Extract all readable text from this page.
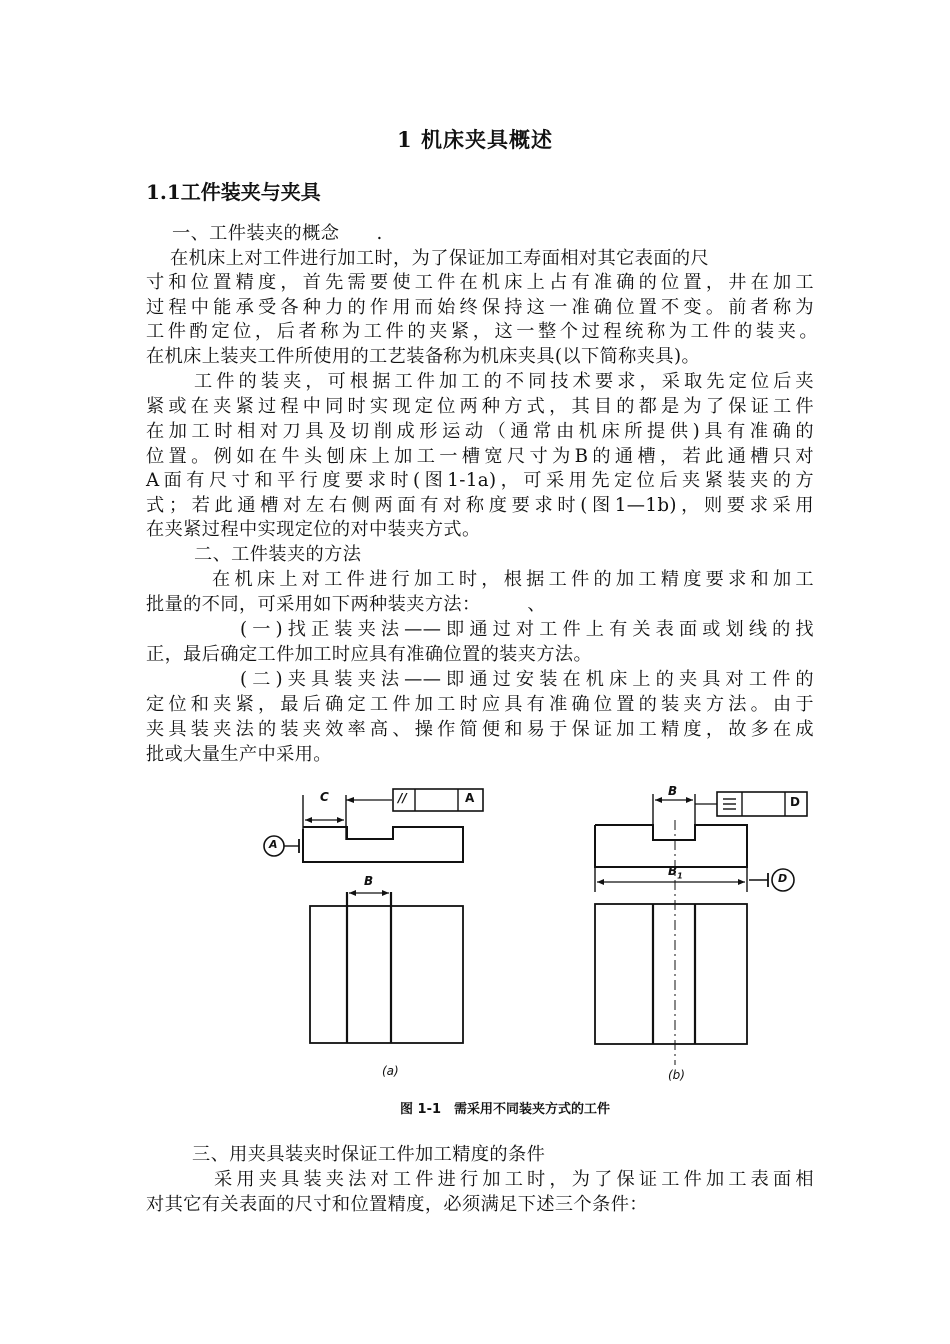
1 机床夹具概述
1.1工件装夹与夹具
一、工件装夹的概念　　.
在机床上对工件进行加工时，为了保证加工寿面相对其它表面的尺
寸和位置精度，首先需要使工件在机床上占有准确的位置，井在加工
过程中能承受各种力的作用而始终保持这一准确位置不变。前者称为
工件酌定位，后者称为工件的夹紧，这一整个过程统称为工件的装夹。
在机床上装夹工件所使用的工艺装备称为机床夹具(以下简称夹具)。
工件的装夹，可根据工件加工的不同技术要求，采取先定位后夹
紧或在夹紧过程中同时实现定位两种方式，其目的都是为了保证工件
在加工时相对刀具及切削成形运动（通常由机床所提供)具有准确的
位置。例如在牛头刨床上加工一槽宽尺寸为B的通槽，若此通槽只对
A面有尺寸和平行度要求时(图1-1a)，可采用先定位后夹紧装夹的方
式；若此通槽对左右侧两面有对称度要求时(图1—1b)，则要求采用
在夹紧过程中实现定位的对中装夹方式。
二、工件装夹的方法
在机床上对工件进行加工时，根据工件的加工精度要求和加工
批量的不同，可采用如下两种装夹方法：　　　、
(一)找正装夹法——即通过对工件上有关表面或划线的找
正，最后确定工件加工时应具有准确位置的装夹方法。
(二)夹具装夹法——即通过安装在机床上的夹具对工件的
定位和夹紧，最后确定工件加工时应具有准确位置的装夹方法。由于
夹具装夹法的装夹效率高、操作简便和易于保证加工精度，故多在成
批或大量生产中采用。
C	//	A
A
B
B
D
$B_1$	D
(a)	(b)
图 1-1　需采用不同装夹方式的工件
三、用夹具装夹时保证工件加工精度的条件
采用夹具装夹法对工件进行加工时，为了保证工件加工表面相
对其它有关表面的尺寸和位置精度，必须满足下述三个条件：
